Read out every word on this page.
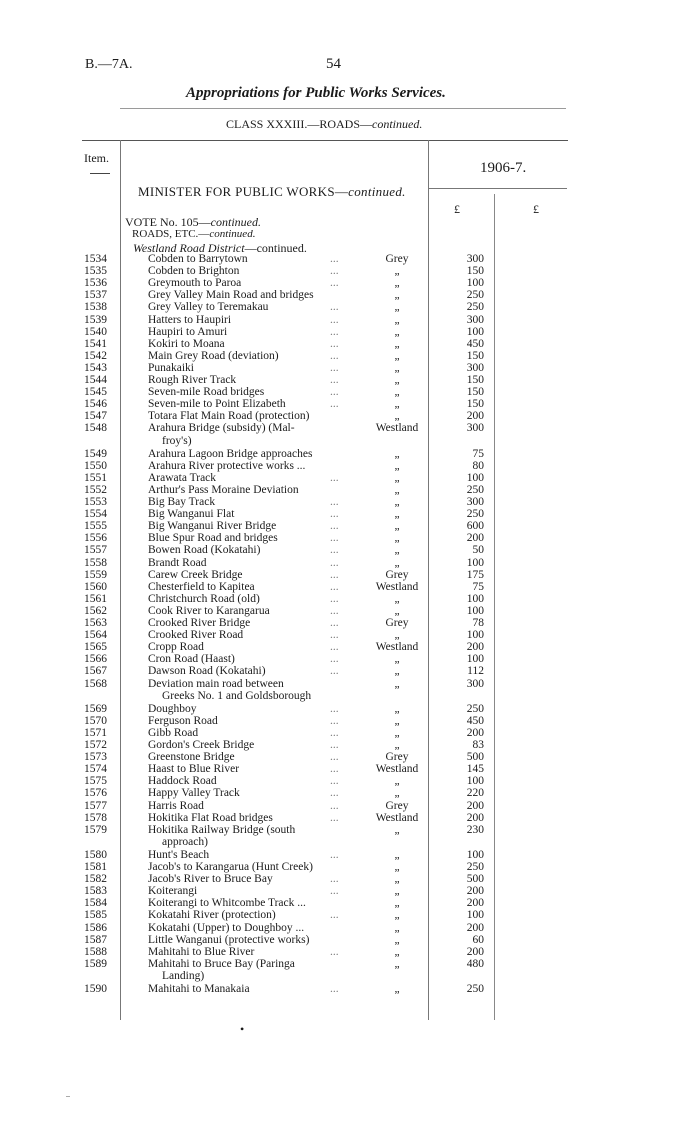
B.—7A.	54
Appropriations for Public Works Services.
CLASS XXXIII.—ROADS—continued.
Item.
1906-7.
MINISTER FOR PUBLIC WORKS—continued.
£	£
VOTE No. 105—continued.
ROADS, ETC.—continued.
Westland Road District—continued.
1534	Cobden to Barrytown	...	Grey	300
1535	Cobden to Brighton	...	„	150
1536	Greymouth to Paroa	...	„	100
1537	Grey Valley Main Road and bridges	„	250
1538	Grey Valley to Teremakau	...	„	250
1539	Hatters to Haupiri	...	„	300
1540	Haupiri to Amuri	...	„	100
1541	Kokiri to Moana	...	„	450
1542	Main Grey Road (deviation)	...	„	150
1543	Punakaiki	...	„	300
1544	Rough River Track	...	„	150
1545	Seven-mile Road bridges	...	„	150
1546	Seven-mile to Point Elizabeth	...	„	150
1547	Totara Flat Main Road (protection)	„	200
1548	Arahura Bridge (subsidy) (Mal-	Westland	300
froy's)
1549	Arahura Lagoon Bridge approaches	„	75
1550	Arahura River protective works ...	„	80
1551	Arawata Track	...	„	100
1552	Arthur's Pass Moraine Deviation	„	250
1553	Big Bay Track	...	„	300
1554	Big Wanganui Flat	...	„	250
1555	Big Wanganui River Bridge	...	„	600
1556	Blue Spur Road and bridges	...	„	200
1557	Bowen Road (Kokatahi)	...	„	50
1558	Brandt Road	...	„	100
1559	Carew Creek Bridge	...	Grey	175
1560	Chesterfield to Kapitea	...	Westland	75
1561	Christchurch Road (old)	...	„	100
1562	Cook River to Karangarua	...	„	100
1563	Crooked River Bridge	...	Grey	78
1564	Crooked River Road	...	„	100
1565	Cropp Road	...	Westland	200
1566	Cron Road (Haast)	...	„	100
1567	Dawson Road (Kokatahi)	...	„	112
1568	Deviation main road between	„	300
Greeks No. 1 and Goldsborough
1569	Doughboy	...	„	250
1570	Ferguson Road	...	„	450
1571	Gibb Road	...	„	200
1572	Gordon's Creek Bridge	...	„	83
1573	Greenstone Bridge	...	Grey	500
1574	Haast to Blue River	...	Westland	145
1575	Haddock Road	...	„	100
1576	Happy Valley Track	...	„	220
1577	Harris Road	...	Grey	200
1578	Hokitika Flat Road bridges	...	Westland	200
1579	Hokitika Railway Bridge (south	„	230
approach)
1580	Hunt's Beach	...	„	100
1581	Jacob's to Karangarua (Hunt Creek)	„	250
1582	Jacob's River to Bruce Bay	...	„	500
1583	Koiterangi	...	„	200
1584	Koiterangi to Whitcombe Track ...	„	200
1585	Kokatahi River (protection)	...	„	100
1586	Kokatahi (Upper) to Doughboy ...	„	200
1587	Little Wanganui (protective works)	„	60
1588	Mahitahi to Blue River	...	„	200
1589	Mahitahi to Bruce Bay (Paringa	„	480
Landing)
1590	Mahitahi to Manakaia	...	„	250
•
